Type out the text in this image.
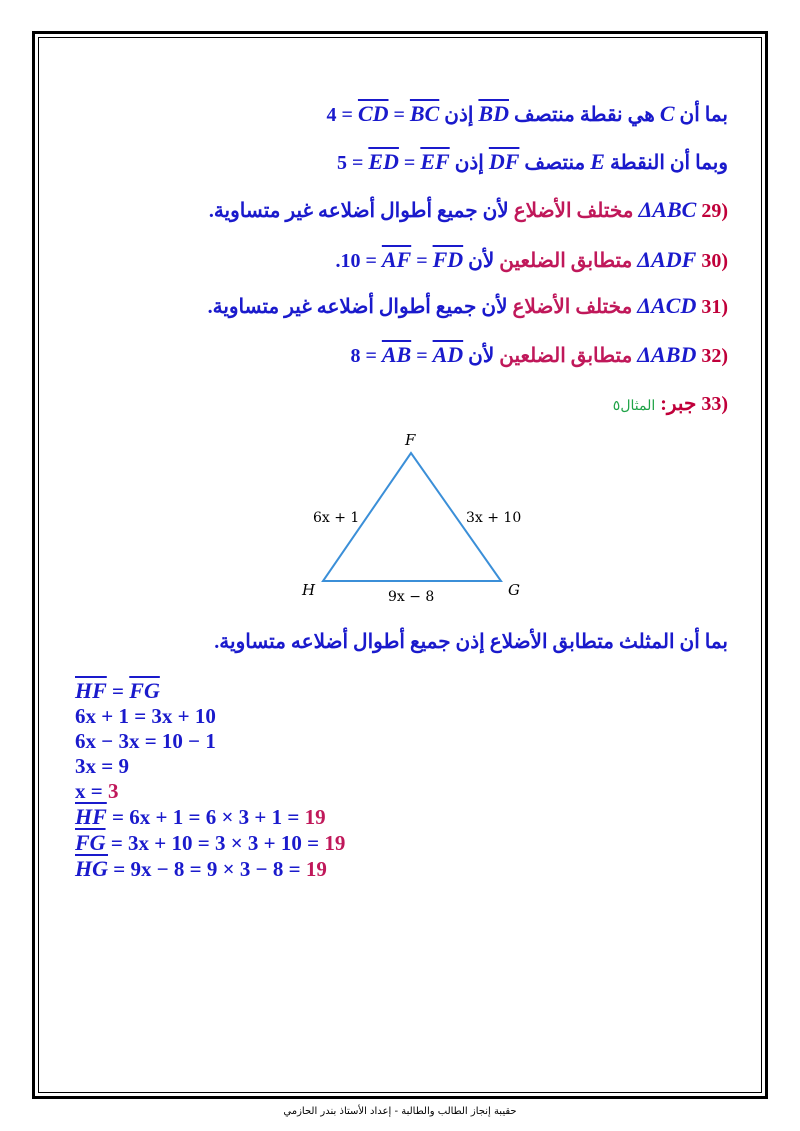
بما أن C هي نقطة منتصف $\overline{BD}$ إذن $4 = \overline{CD} = \overline{BC}$
وبما أن النقطة E منتصف $\overline{DF}$ إذن $5 = \overline{ED} = \overline{EF}$
(29 ΔABC مختلف الأضلاع لأن جميع أطوال أضلاعه غير متساوية.
(30 ΔADF متطابق الضلعين لأن $10 = \overline{AF} = \overline{FD}$.
(31 ΔACD مختلف الأضلاع لأن جميع أطوال أضلاعه غير متساوية.
(32 ΔABD متطابق الضلعين لأن $8 = \overline{AB} = \overline{AD}$
(33 جبر: المثال٥
F
H	G
6x + 1	3x + 10
9x − 8
بما أن المثلث متطابق الأضلاع إذن جميع أطوال أضلاعه متساوية.
$\overline{HF} = \overline{FG}$
6x + 1 = 3x + 10
6x − 3x = 10 − 1
3x = 9
x = 3
$\overline{HF} = 6x + 1 = 6 \times 3 + 1 = 19$
$\overline{FG} = 3x + 10 = 3 \times 3 + 10 = 19$
$\overline{HG} = 9x - 8 = 9 \times 3 - 8 = 19$
حقيبة إنجاز الطالب والطالبة - إعداد الأستاذ بندر الحازمي
